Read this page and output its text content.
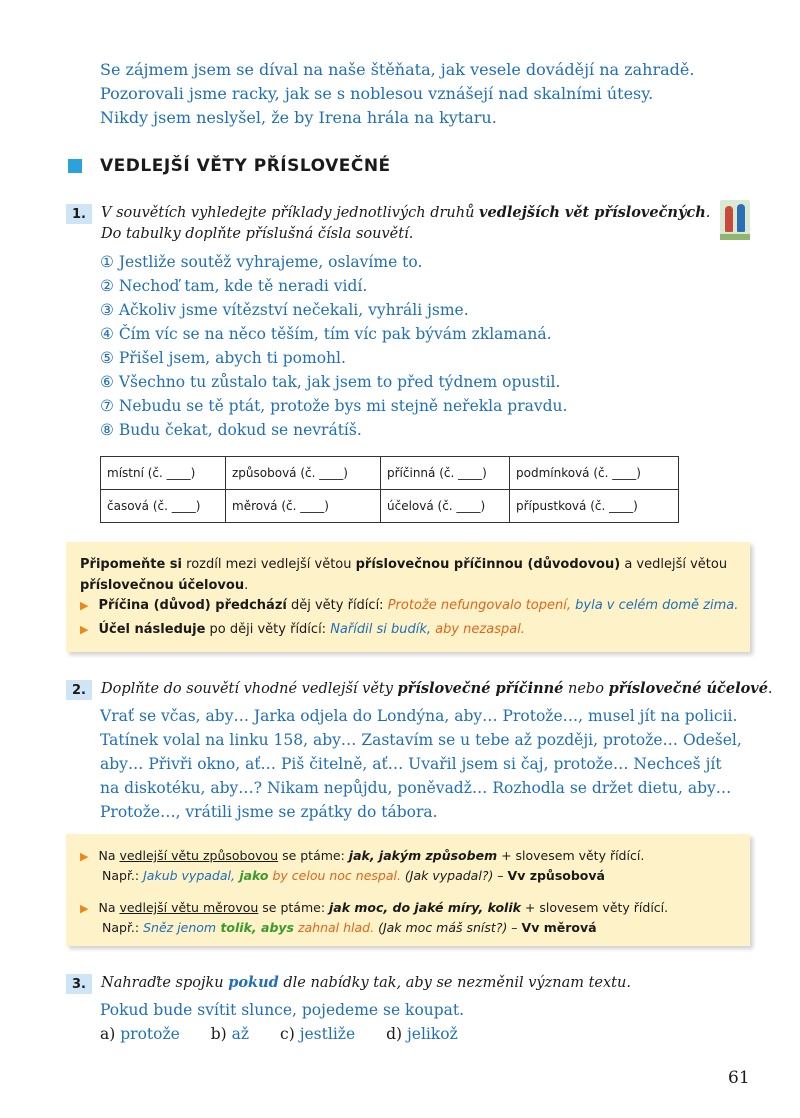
Se zájmem jsem se díval na naše štěňata, jak vesele dovádějí na zahradě.
Pozorovali jsme racky, jak se s noblesou vznášejí nad skalními útesy.
Nikdy jsem neslyšel, že by Irena hrála na kytaru.
VEDLEJŠÍ VĚTY PŘÍSLOVEČNÉ
1.	V souvětích vyhledejte příklady jednotlivých druhů vedlejších vět příslovečných.
Do tabulky doplňte příslušná čísla souvětí.
① Jestliže soutěž vyhrajeme, oslavíme to.
② Nechoď tam, kde tě neradi vidí.
③ Ačkoliv jsme vítězství nečekali, vyhráli jsme.
④ Čím víc se na něco těším, tím víc pak bývám zklamaná.
⑤ Přišel jsem, abych ti pomohl.
⑥ Všechno tu zůstalo tak, jak jsem to před týdnem opustil.
⑦ Nebudu se tě ptát, protože bys mi stejně neřekla pravdu.
⑧ Budu čekat, dokud se nevrátíš.
místní (č. ____)	způsobová (č. ____)	příčinná (č. ____)	podmínková (č. ____)
časová (č. ____)	měrová (č. ____)	účelová (č. ____)	přípustková (č. ____)
Připomeňte si rozdíl mezi vedlejší větou příslovečnou příčinnou (důvodovou) a vedlejší větou příslovečnou účelovou.
▶ Příčina (důvod) předchází děj věty řídící: Protože nefungovalo topení, byla v celém domě zima.
▶ Účel následuje po ději věty řídící: Nařídil si budík, aby nezaspal.
2.	Doplňte do souvětí vhodné vedlejší věty příslovečné příčinné nebo příslovečné účelové.
Vrať se včas, aby… Jarka odjela do Londýna, aby… Protože…, musel jít na policii.
Tatínek volal na linku 158, aby… Zastavím se u tebe až později, protože… Odešel,
aby… Přivři okno, ať… Piš čitelně, ať… Uvařil jsem si čaj, protože… Nechceš jít
na diskotéku, aby…? Nikam nepůjdu, poněvadž… Rozhodla se držet dietu, aby…
Protože…, vrátili jsme se zpátky do tábora.
▶ Na vedlejší větu způsobovou se ptáme: jak, jakým způsobem + slovesem věty řídící.
Např.: Jakub vypadal, jako by celou noc nespal. (Jak vypadal?) – Vv způsobová
▶ Na vedlejší větu měrovou se ptáme: jak moc, do jaké míry, kolik + slovesem věty řídící.
Např.: Sněz jenom tolik, abys zahnal hlad. (Jak moc máš sníst?) – Vv měrová
3.	Nahraďte spojku pokud dle nabídky tak, aby se nezměnil význam textu.
Pokud bude svítit slunce, pojedeme se koupat.
a) protože b) až c) jestliže d) jelikož
61
